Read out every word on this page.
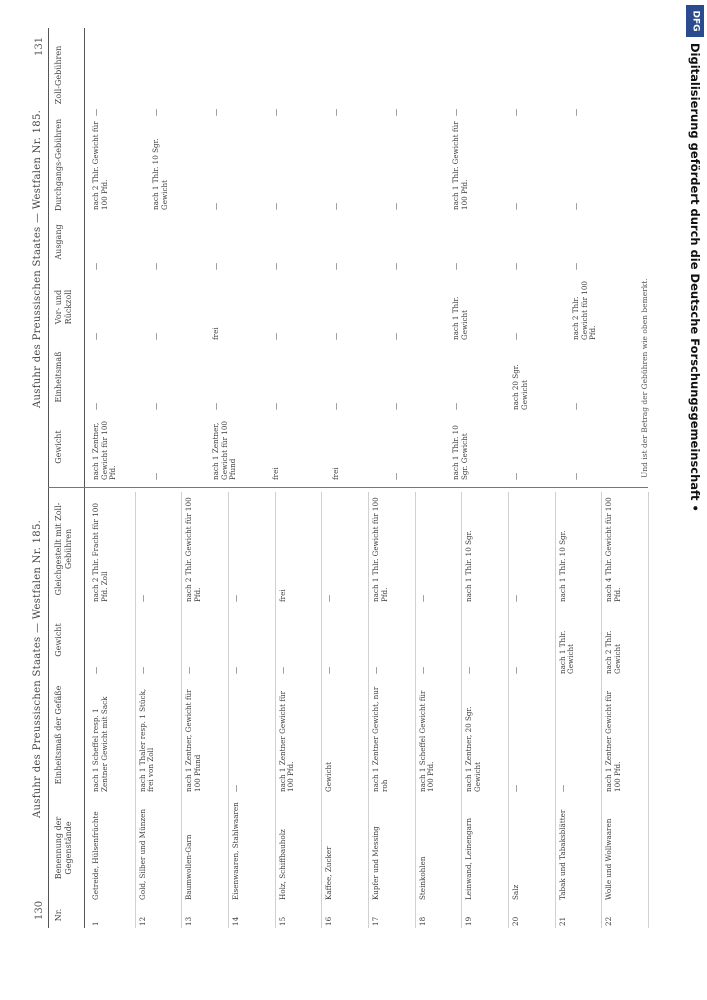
130
Ausfuhr des Preussischen Staates — Westfalen Nr. 185.
131
Ausfuhr des Preussischen Staates — Westfalen Nr. 185.
Nr.
Benennung der Gegenstände
Einheitsmaß der Gefäße
Gewicht
Gleichgestellt mit Zoll-Gebühren
1
Getreide, Hülsenfrüchte
nach 1 Scheffel resp. 1 Zentner Gewicht mit Sack
—
nach 2 Thlr. Fracht für 100 Pfd. Zoll
12
Gold, Silber und Münzen
nach 1 Thaler resp. 1 Stück, frei von Zoll
—
—
13
Baumwollen-Garn
nach 1 Zentner, Gewicht für 100 Pfund
—
nach 2 Thlr. Gewicht für 100 Pfd.
14
Eisenwaaren, Stahlwaaren
—
—
—
15
Holz, Schiffbauholz
nach 1 Zentner Gewicht für 100 Pfd.
—
frei
16
Kaffee, Zucker
Gewicht
—
—
17
Kupfer und Messing
nach 1 Zentner Gewicht, nur roh
—
nach 1 Thlr. Gewicht für 100 Pfd.
18
Steinkohlen
nach 1 Scheffel Gewicht für 100 Pfd.
—
—
19
Leinwand, Leinengarn
nach 1 Zentner, 20 Sgr. Gewicht
—
nach 1 Thlr. 10 Sgr.
20
Salz
—
—
—
21
Tabak und Tabaksblätter
—
nach 1 Thlr. Gewicht
nach 1 Thlr. 10 Sgr.
22
Wolle und Wollwaaren
nach 1 Zentner Gewicht für 100 Pfd.
nach 2 Thlr. Gewicht
nach 4 Thlr. Gewicht für 100 Pfd.
Gewicht
Einheitsmaß
Vor- und Rückzoll
Ausgang
Durchgangs-Gebühren
Zoll-Gebühren
nach 1 Zentner, Gewicht für 100 Pfd.
—
—
—
nach 2 Thlr. Gewicht für 100 Pfd.
—
—
—
—
—
nach 1 Thlr. 10 Sgr. Gewicht
—
nach 1 Zentner, Gewicht für 100 Pfund
—
frei
—
—
—
frei
—
—
—
—
—
frei
—
—
—
—
—
—
—
—
—
—
—
nach 1 Thlr. 10 Sgr. Gewicht
—
nach 1 Thlr. Gewicht
—
nach 1 Thlr. Gewicht für 100 Pfd.
—
—
nach 20 Sgr. Gewicht
—
—
—
—
—
—
nach 2 Thlr. Gewicht für 100 Pfd.
—
—
—
Und ist der Betrag der Gebühren wie oben bemerkt.
DFG
Digitalisierung gefördert durch die Deutsche Forschungsgemeinschaft •
